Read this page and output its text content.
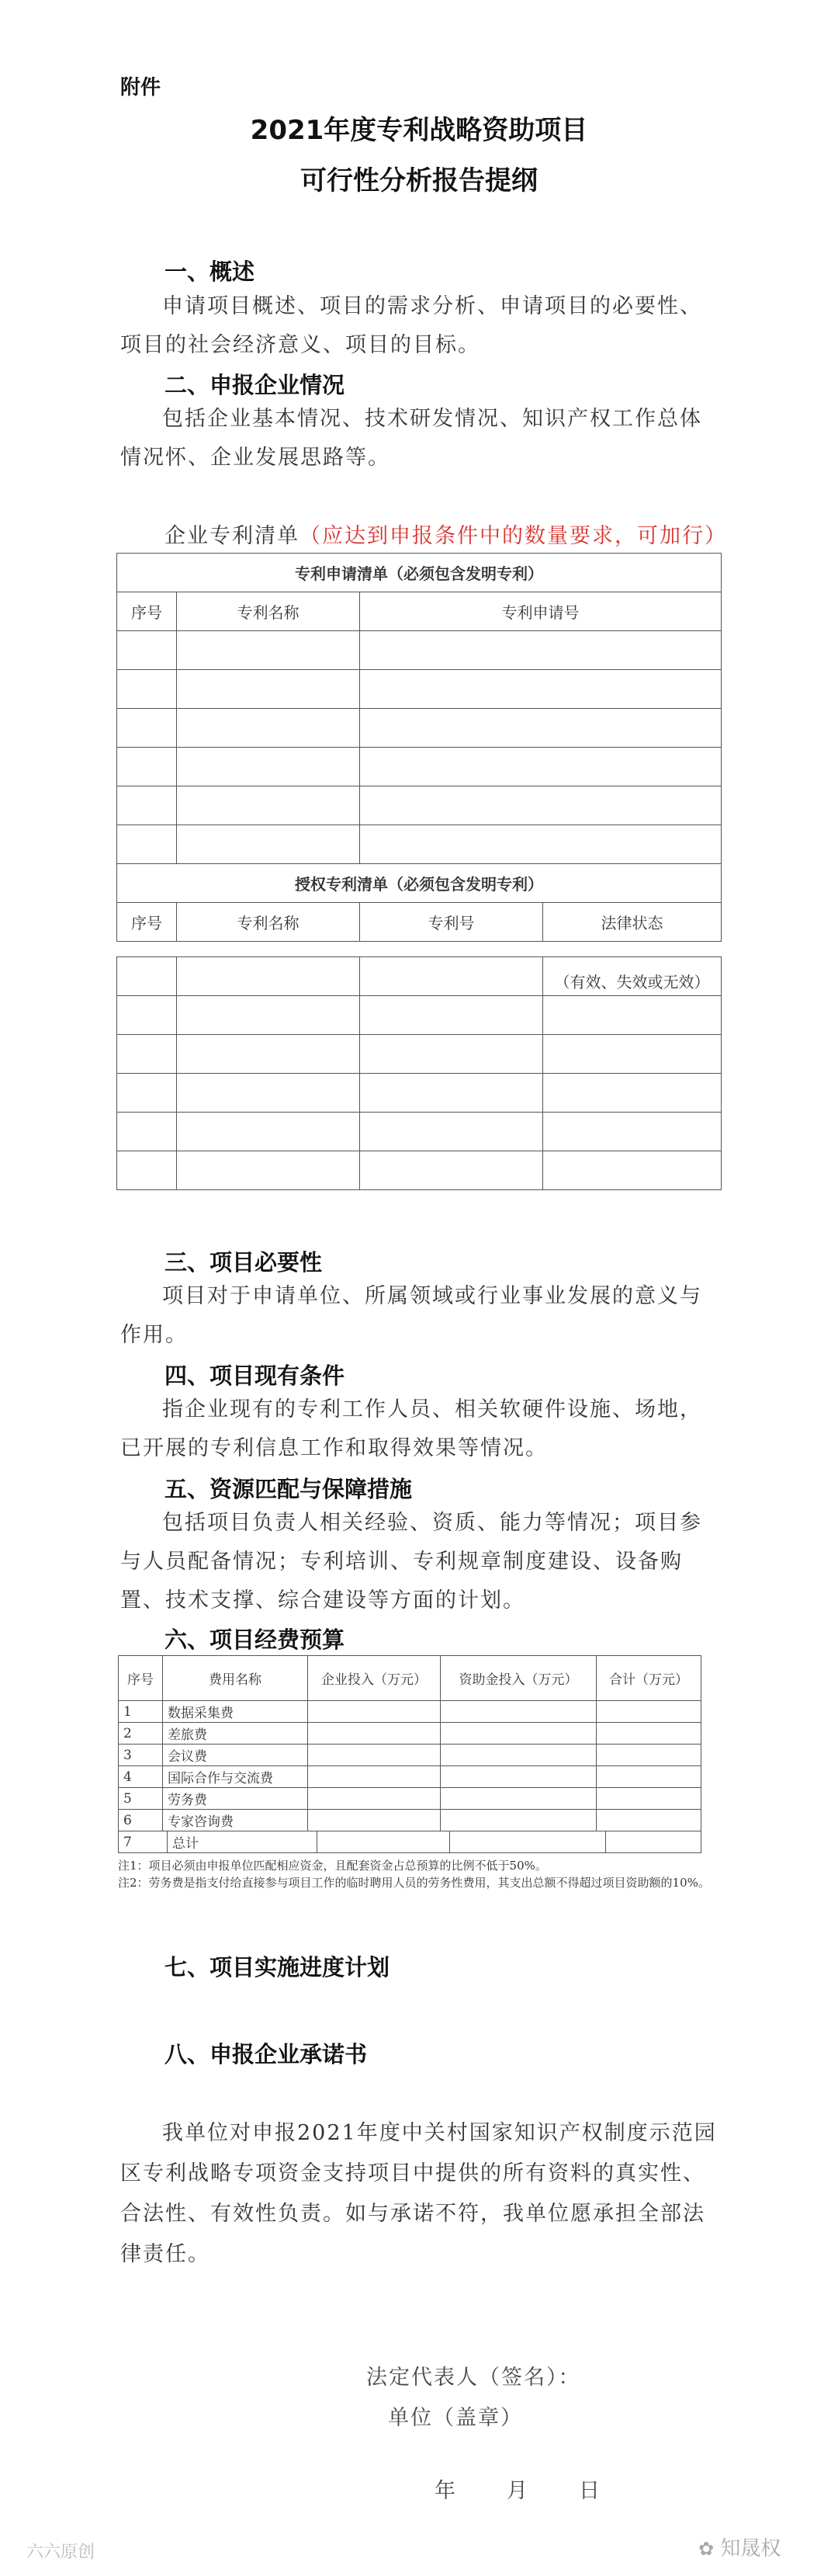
附件
2021年度专利战略资助项目
可行性分析报告提纲
一、概述
申请项目概述、项目的需求分析、申请项目的必要性、项目的社会经济意义、项目的目标。
二、申报企业情况
包括企业基本情况、技术研发情况、知识产权工作总体情况怀、企业发展思路等。
企业专利清单（应达到申报条件中的数量要求，可加行）
专利申请清单（必须包含发明专利）		
序号	专利名称	专利申请号

授权专利清单（必须包含发明专利）		
序号	专利名称	专利号	法律状态
			（有效、失效或无效）

三、项目必要性
项目对于申请单位、所属领域或行业事业发展的意义与作用。
四、项目现有条件
指企业现有的专利工作人员、相关软硬件设施、场地，已开展的专利信息工作和取得效果等情况。
五、资源匹配与保障措施
包括项目负责人相关经验、资质、能力等情况；项目参与人员配备情况；专利培训、专利规章制度建设、设备购置、技术支撑、综合建设等方面的计划。
六、项目经费预算
序号	费用名称	企业投入（万元）	资助金投入（万元）	合计（万元）
1	数据采集费			
2	差旅费			
3	会议费			
4	国际合作与交流费			
5	劳务费			
6	专家咨询费			
7	总计			
注1：项目必须由申报单位匹配相应资金，且配套资金占总预算的比例不低于50%。
注2：劳务费是指支付给直接参与项目工作的临时聘用人员的劳务性费用，其支出总额不得超过项目资助额的10%。
七、项目实施进度计划
八、申报企业承诺书
我单位对申报2021年度中关村国家知识产权制度示范园区专利战略专项资金支持项目中提供的所有资料的真实性、合法性、有效性负责。如与承诺不符，我单位愿承担全部法律责任。
法定代表人（签名）：
单位（盖章）
年　　月　　日
六六原创	✿ 知晟权
